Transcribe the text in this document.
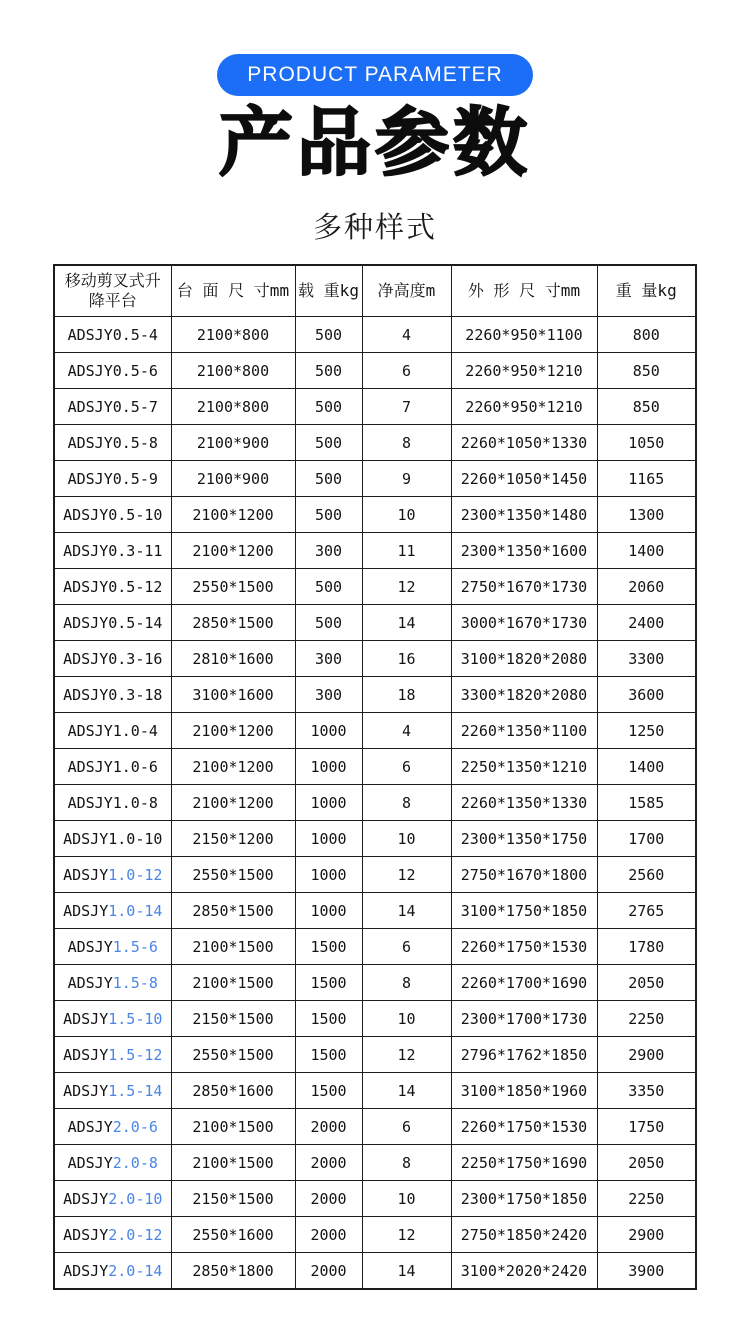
PRODUCT PARAMETER
产品参数
多种样式
移动剪叉式升降平台	台 面 尺 寸mm	载 重kg	净高度m	外 形 尺 寸mm	重 量kg
ADSJY0.5-4	2100*800	500	4	2260*950*1100	800
ADSJY0.5-6	2100*800	500	6	2260*950*1210	850
ADSJY0.5-7	2100*800	500	7	2260*950*1210	850
ADSJY0.5-8	2100*900	500	8	2260*1050*1330	1050
ADSJY0.5-9	2100*900	500	9	2260*1050*1450	1165
ADSJY0.5-10	2100*1200	500	10	2300*1350*1480	1300
ADSJY0.3-11	2100*1200	300	11	2300*1350*1600	1400
ADSJY0.5-12	2550*1500	500	12	2750*1670*1730	2060
ADSJY0.5-14	2850*1500	500	14	3000*1670*1730	2400
ADSJY0.3-16	2810*1600	300	16	3100*1820*2080	3300
ADSJY0.3-18	3100*1600	300	18	3300*1820*2080	3600
ADSJY1.0-4	2100*1200	1000	4	2260*1350*1100	1250
ADSJY1.0-6	2100*1200	1000	6	2250*1350*1210	1400
ADSJY1.0-8	2100*1200	1000	8	2260*1350*1330	1585
ADSJY1.0-10	2150*1200	1000	10	2300*1350*1750	1700
ADSJY1.0-12	2550*1500	1000	12	2750*1670*1800	2560
ADSJY1.0-14	2850*1500	1000	14	3100*1750*1850	2765
ADSJY1.5-6	2100*1500	1500	6	2260*1750*1530	1780
ADSJY1.5-8	2100*1500	1500	8	2260*1700*1690	2050
ADSJY1.5-10	2150*1500	1500	10	2300*1700*1730	2250
ADSJY1.5-12	2550*1500	1500	12	2796*1762*1850	2900
ADSJY1.5-14	2850*1600	1500	14	3100*1850*1960	3350
ADSJY2.0-6	2100*1500	2000	6	2260*1750*1530	1750
ADSJY2.0-8	2100*1500	2000	8	2250*1750*1690	2050
ADSJY2.0-10	2150*1500	2000	10	2300*1750*1850	2250
ADSJY2.0-12	2550*1600	2000	12	2750*1850*2420	2900
ADSJY2.0-14	2850*1800	2000	14	3100*2020*2420	3900
